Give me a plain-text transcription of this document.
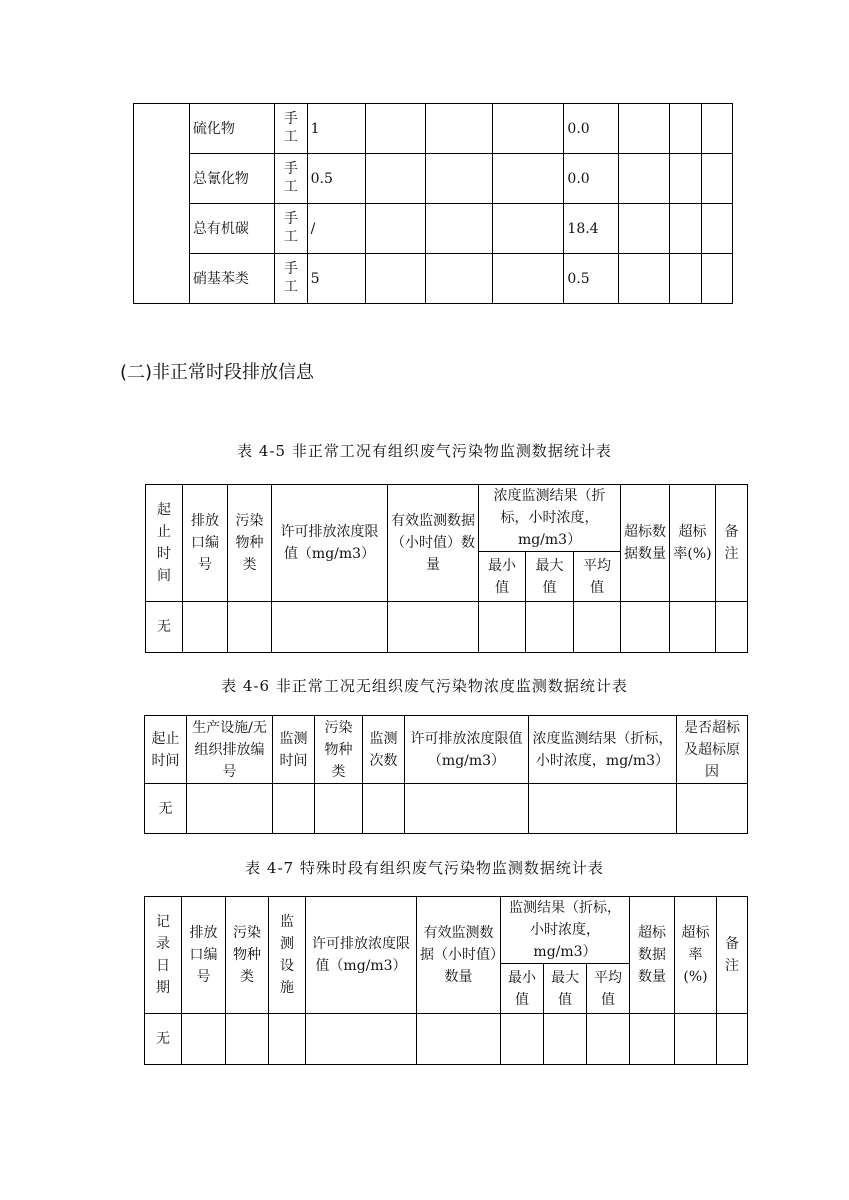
	硫化物	手工	1				0.0			
	总氰化物	手工	0.5				0.0			
	总有机碳	手工	/				18.4			
	硝基苯类	手工	5				0.5			
(二)非正常时段排放信息
表 4-5 非正常工况有组织废气污染物监测数据统计表
起止时间	排放口编号	污染物种类	许可排放浓度限值（mg/m3）	有效监测数据（小时值）数量	浓度监测结果（折标，小时浓度，mg/m3）			超标数据数量	超标率(%)	备注
					最小值	最大值	平均值			
无										
表 4-6 非正常工况无组织废气污染物浓度监测数据统计表
起止时间	生产设施/无组织排放编号	监测时间	污染物种类	监测次数	许可排放浓度限值（mg/m3）	浓度监测结果（折标，小时浓度，mg/m3）	是否超标及超标原因
无							
表 4-7 特殊时段有组织废气污染物监测数据统计表
记录日期	排放口编号	污染物种类	监测设施	许可排放浓度限值（mg/m3）	有效监测数据（小时值）数量	监测结果（折标，小时浓度，mg/m3）			超标数据数量	超标率(%)	备注
						最小值	最大值	平均值			
无											
